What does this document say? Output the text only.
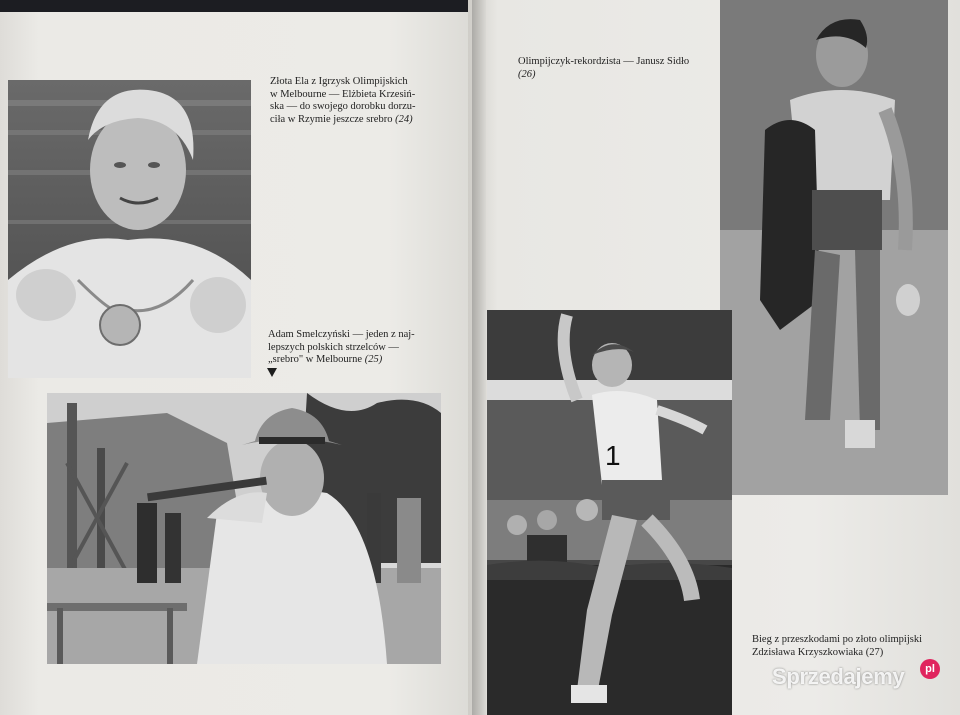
Złota Ela z Igrzysk Olimpijskich
w Melbourne — Elżbieta Krzesiń-
ska — do swojego dorobku dorzu-
ciła w Rzymie jeszcze srebro (24)
Adam Smelczyński — jeden z naj-
lepszych polskich strzelców —
„srebro" w Melbourne (25)
Olimpijczyk-rekordzista — Janusz Sidło
(26)
1
Bieg z przeszkodami po złoto olimpijski
Zdzisława Krzyszkowiaka (27)
Sprzedajemy	pl
